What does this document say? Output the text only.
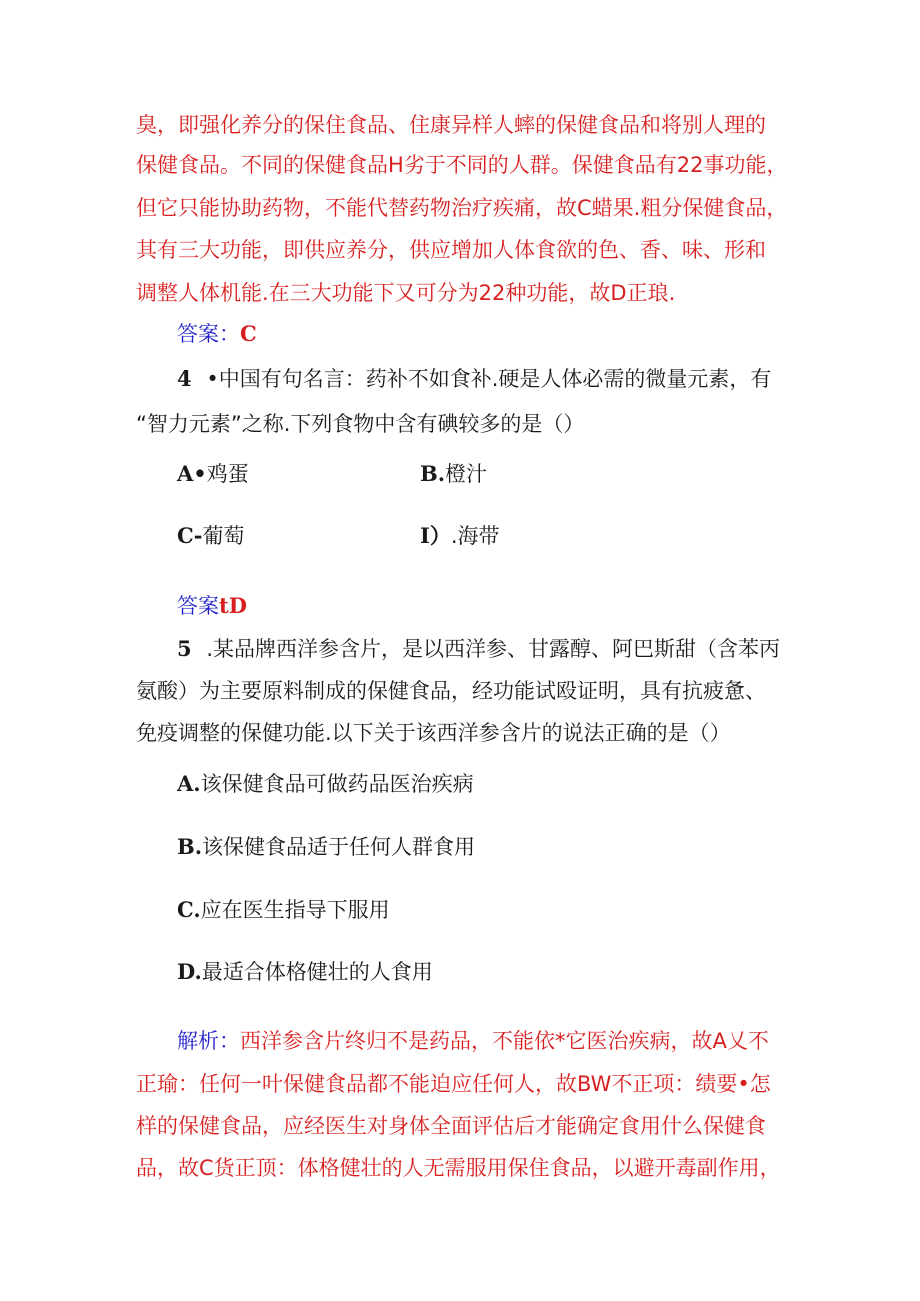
臭，即强化养分的保住食品、住康异样人蟀的保健食品和将别人理的
保健食品。不同的保健食品H劣于不同的人群。保健食品有22事功能，
但它只能协助药物，不能代替药物治疗疾痛，故C蜡果.粗分保健食品，
其有三大功能，即供应养分，供应增加人体食欲的色、香、味、形和
调整人体机能.在三大功能下又可分为22种功能，故D正琅.
答案：C
4 •中国有句名言：药补不如食补.硬是人体必需的微量元素，有
“智力元素”之称.下列食物中含有碘较多的是（）
A•鸡蛋	B.橙汁
C-葡萄	I）.海带
答案tD
5 .某品牌西洋参含片，是以西洋参、甘露醇、阿巴斯甜（含苯丙
氨酸）为主要原料制成的保健食品，经功能试殴证明，具有抗疲惫、
免疫调整的保健功能.以下关于该西洋参含片的说法正确的是（）
A.该保健食品可做药品医治疾病
B.该保健食品适于任何人群食用
C.应在医生指导下服用
D.最适合体格健壮的人食用
解析：西洋参含片终归不是药品，不能依*它医治疾病，故A乂不
正瑜：任何一叶保健食品都不能迫应任何人，故BW不正项：绩要•怎
样的保健食品，应经医生对身体全面评估后才能确定食用什么保健食
品，故C货正顶：体格健壮的人无需服用保住食品，以避开毒副作用，
